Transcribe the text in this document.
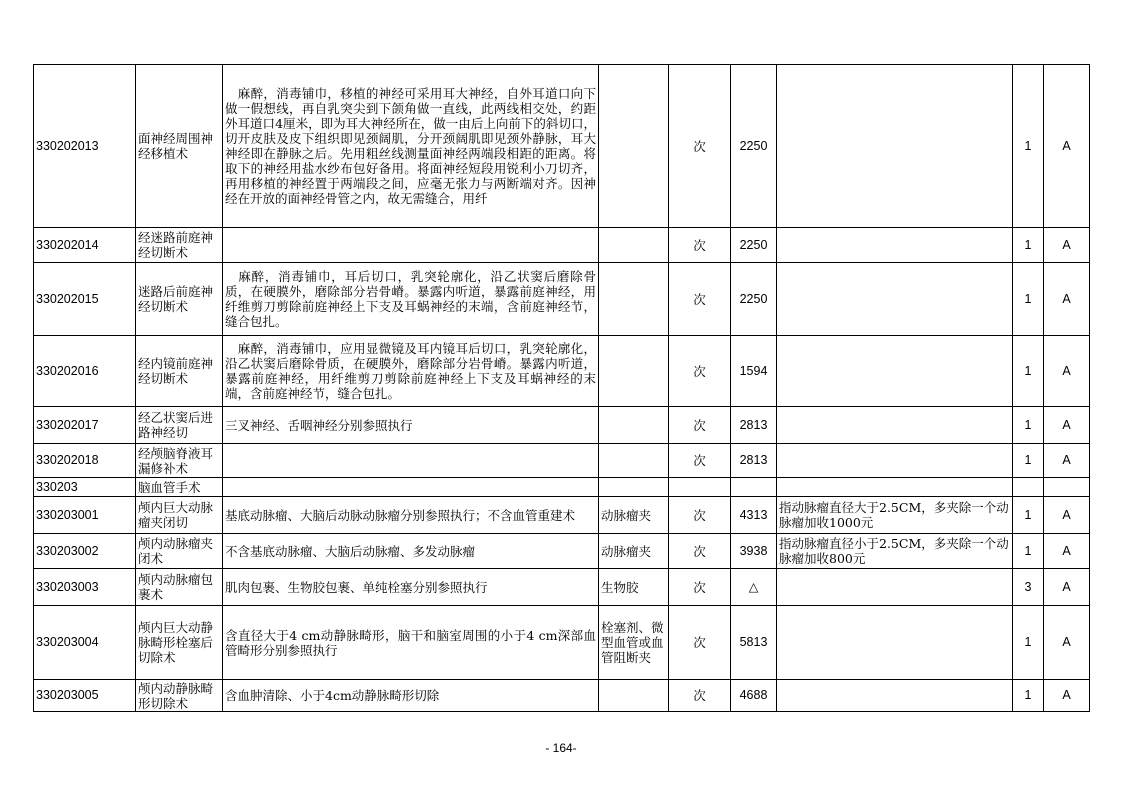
330202013	面神经周围神经移植术	　麻醉，消毒铺巾，移植的神经可采用耳大神经，自外耳道口向下做一假想线，再自乳突尖到下颌角做一直线，此两线相交处，约距外耳道口4厘米，即为耳大神经所在，做一由后上向前下的斜切口，切开皮肤及皮下组织即见颈阔肌，分开颈阔肌即见颈外静脉，耳大神经即在静脉之后。先用粗丝线测量面神经两端段相距的距离。将取下的神经用盐水纱布包好备用。将面神经短段用锐利小刀切齐，再用移植的神经置于两端段之间，应毫无张力与两断端对齐。因神经在开放的面神经骨管之内，故无需缝合，用纤		次	2250		1	A

330202014	经迷路前庭神经切断术			次	2250		1	A

330202015	迷路后前庭神经切断术	　麻醉，消毒铺巾，耳后切口，乳突轮廓化，沿乙状窦后磨除骨质，在硬膜外，磨除部分岩骨嵴。暴露内听道，暴露前庭神经，用纤维剪刀剪除前庭神经上下支及耳蜗神经的末端，含前庭神经节，缝合包扎。		次	2250		1	A

330202016	经内镜前庭神经切断术	　麻醉，消毒铺巾，应用显微镜及耳内镜耳后切口，乳突轮廓化，沿乙状窦后磨除骨质，在硬膜外，磨除部分岩骨嵴。暴露内听道，暴露前庭神经，用纤维剪刀剪除前庭神经上下支及耳蜗神经的末端，含前庭神经节，缝合包扎。		次	1594		1	A

330202017	经乙状窦后进路神经切	三叉神经、舌咽神经分别参照执行		次	2813		1	A

330202018	经颅脑脊液耳漏修补术			次	2813		1	A

330203	脑血管手术							

330203001	颅内巨大动脉瘤夹闭切	基底动脉瘤、大脑后动脉动脉瘤分别参照执行；不含血管重建术	动脉瘤夹	次	4313	指动脉瘤直径大于2.5CM，多夹除一个动脉瘤加收1000元	1	A

330203002	颅内动脉瘤夹闭术	不含基底动脉瘤、大脑后动脉瘤、多发动脉瘤	动脉瘤夹	次	3938	指动脉瘤直径小于2.5CM，多夹除一个动脉瘤加收800元	1	A

330203003	颅内动脉瘤包裹术	肌肉包裹、生物胶包裹、单纯栓塞分别参照执行	生物胶	次	△		3	A

330203004	颅内巨大动静脉畸形栓塞后切除术	含直径大于4 cm动静脉畸形，脑干和脑室周围的小于4 cm深部血管畸形分别参照执行	栓塞剂、微型血管或血管阻断夹	次	5813		1	A

330203005	颅内动静脉畸形切除术	含血肿清除、小于4cm动静脉畸形切除		次	4688		1	A
- 164-
